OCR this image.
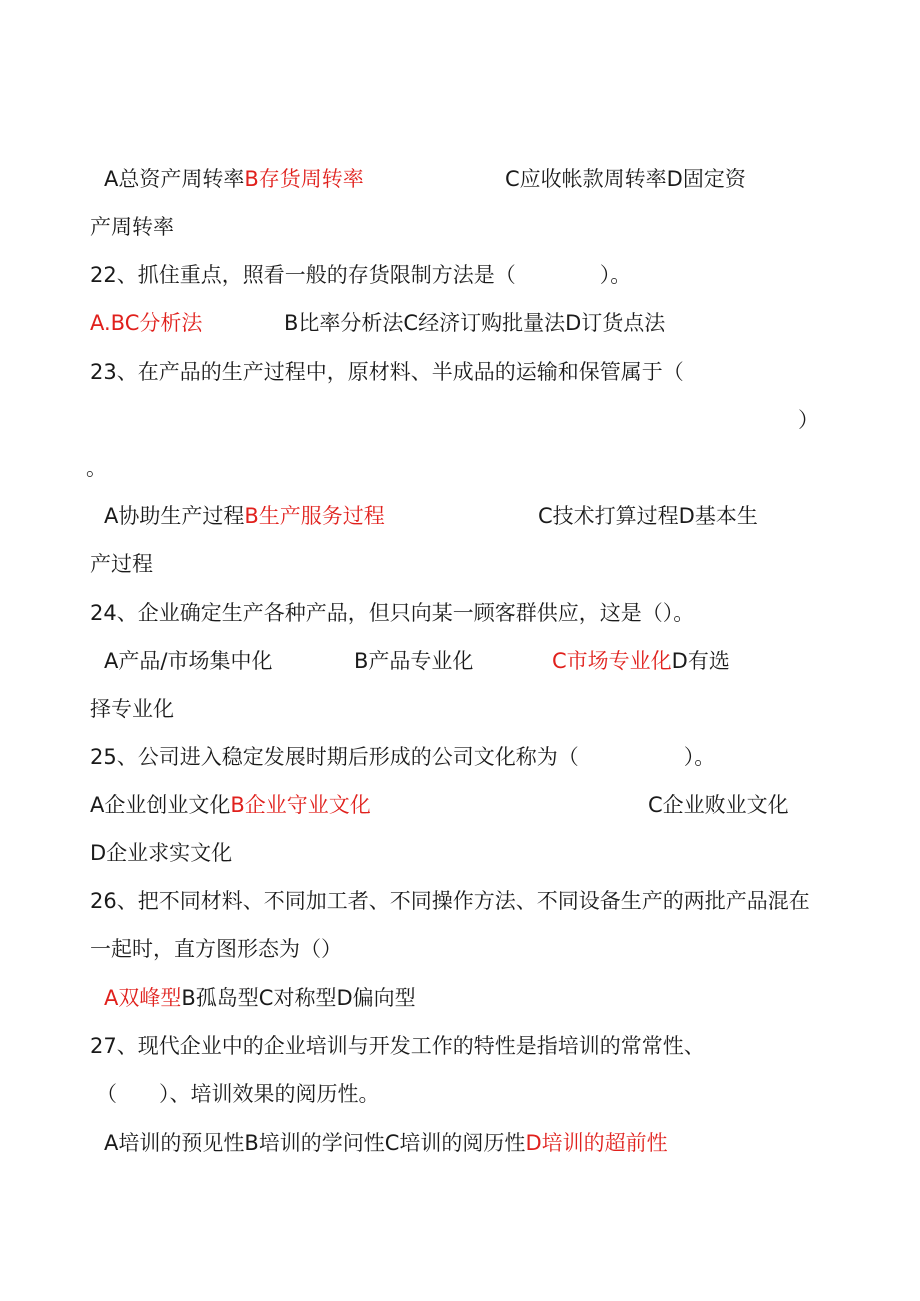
A总资产周转率B存货周转率	C应收帐款周转率D固定资
产周转率
22、抓住重点，照看一般的存货限制方法是（　　　　）。
A.BC分析法	B比率分析法C经济订购批量法D订货点法
23、在产品的生产过程中，原材料、半成品的运输和保管属于（
）
。
A协助生产过程B生产服务过程	C技术打算过程D基本生
产过程
24、企业确定生产各种产品，但只向某一顾客群供应，这是（）。
A产品/市场集中化	B产品专业化	C市场专业化D有选
择专业化
25、公司进入稳定发展时期后形成的公司文化称为（　　　　　）。
A企业创业文化B企业守业文化	C企业败业文化
D企业求实文化
26、把不同材料、不同加工者、不同操作方法、不同设备生产的两批产品混在
一起时，直方图形态为（）
A双峰型B孤岛型C对称型D偏向型
27、现代企业中的企业培训与开发工作的特性是指培训的常常性、
（　　）、培训效果的阅历性。
A培训的预见性B培训的学问性C培训的阅历性D培训的超前性
